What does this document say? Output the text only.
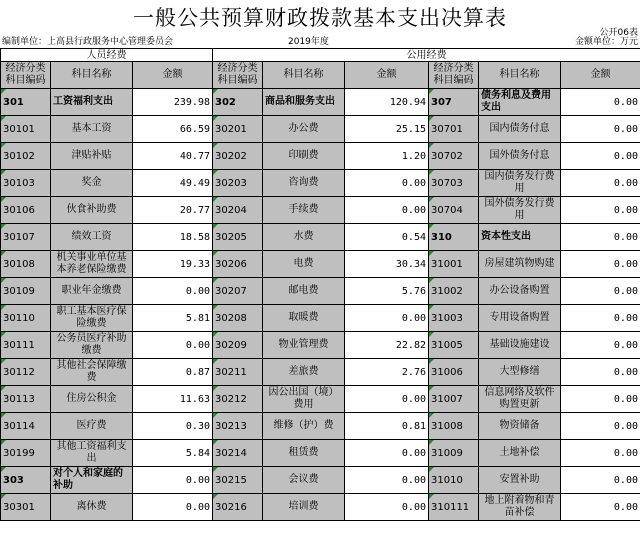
一般公共预算财政拨款基本支出决算表
公开06表
编制单位：上高县行政服务中心管理委员会	2019年度	金额单位：万元
人员经费			公用经费					
经济分类科目编码	科目名称	金额	经济分类科目编码	科目名称	金额	经济分类科目编码	科目名称	金额
301	工资福利支出	239.98	302	商品和服务支出	120.94	307	债务利息及费用支出	0.00
30101	基本工资	66.59	30201	办公费	25.15	30701	国内债务付息	0.00
30102	津贴补贴	40.77	30202	印刷费	1.20	30702	国外债务付息	0.00
30103	奖金	49.49	30203	咨询费	0.00	30703	国内债务发行费用	0.00
30106	伙食补助费	20.77	30204	手续费	0.00	30704	国外债务发行费用	0.00
30107	绩效工资	18.58	30205	水费	0.54	310	资本性支出	0.00
30108	机关事业单位基本养老保险缴费	19.33	30206	电费	30.34	31001	房屋建筑物购建	0.00
30109	职业年金缴费	0.00	30207	邮电费	5.76	31002	办公设备购置	0.00
30110	职工基本医疗保险缴费	5.81	30208	取暖费	0.00	31003	专用设备购置	0.00
30111	公务员医疗补助缴费	0.00	30209	物业管理费	22.82	31005	基础设施建设	0.00
30112	其他社会保障缴费	0.87	30211	差旅费	2.76	31006	大型修缮	0.00
30113	住房公积金	11.63	30212	因公出国（境）费用	0.00	31007	信息网络及软件购置更新	0.00
30114	医疗费	0.30	30213	维修（护）费	0.81	31008	物资储备	0.00
30199	其他工资福利支出	5.84	30214	租赁费	0.00	31009	土地补偿	0.00
303	对个人和家庭的补助	0.00	30215	会议费	0.00	31010	安置补助	0.00
30301	离休费	0.00	30216	培训费	0.00	310111	地上附着物和青苗补偿	0.00
